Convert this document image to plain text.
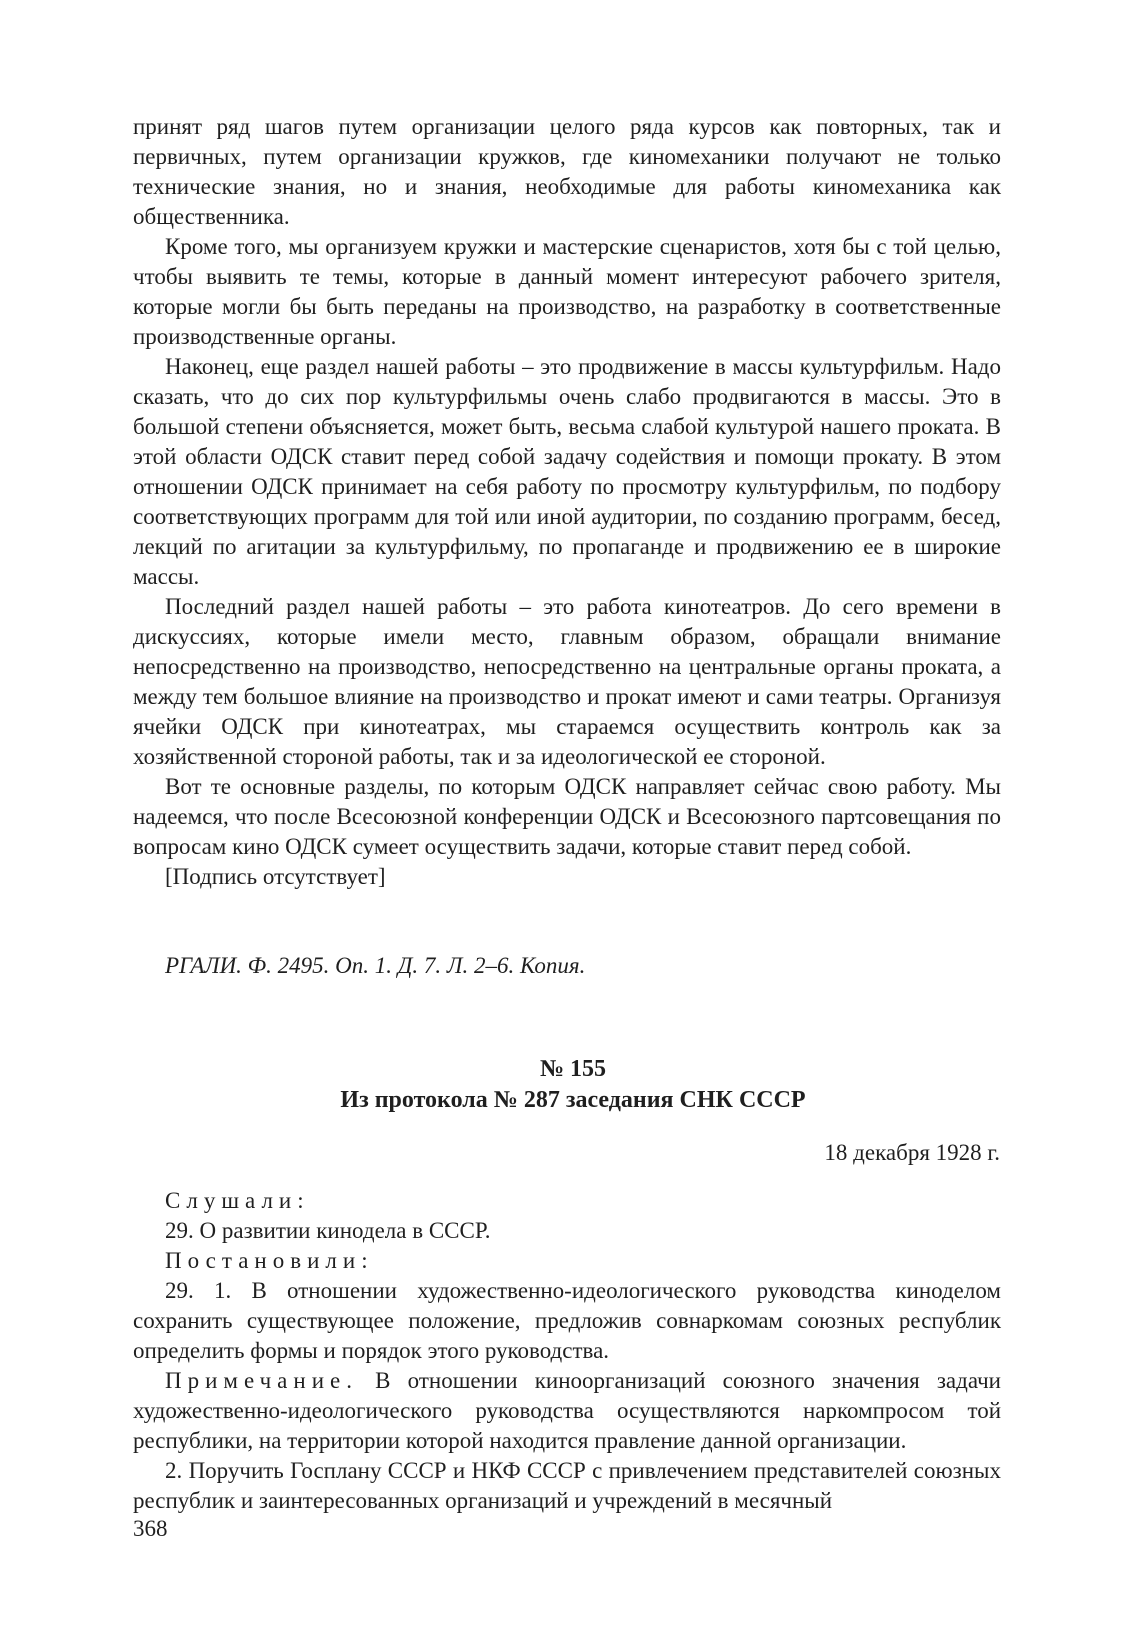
принят ряд шагов путем организации целого ряда курсов как повторных, так и первичных, путем организации кружков, где киномеханики получают не только технические знания, но и знания, необходимые для работы киномеханика как общественника.

Кроме того, мы организуем кружки и мастерские сценаристов, хотя бы с той целью, чтобы выявить те темы, которые в данный момент интересуют рабочего зрителя, которые могли бы быть переданы на производство, на разработку в соответственные производственные органы.

Наконец, еще раздел нашей работы – это продвижение в массы культурфильм. Надо сказать, что до сих пор культурфильмы очень слабо продвигаются в массы. Это в большой степени объясняется, может быть, весьма слабой культурой нашего проката. В этой области ОДСК ставит перед собой задачу содействия и помощи прокату. В этом отношении ОДСК принимает на себя работу по просмотру культурфильм, по подбору соответствующих программ для той или иной аудитории, по созданию программ, бесед, лекций по агитации за культурфильму, по пропаганде и продвижению ее в широкие массы.

Последний раздел нашей работы – это работа кинотеатров. До сего времени в дискуссиях, которые имели место, главным образом, обращали внимание непосредственно на производство, непосредственно на центральные органы проката, а между тем большое влияние на производство и прокат имеют и сами театры. Организуя ячейки ОДСК при кинотеатрах, мы стараемся осуществить контроль как за хозяйственной стороной работы, так и за идеологической ее стороной.

Вот те основные разделы, по которым ОДСК направляет сейчас свою работу. Мы надеемся, что после Всесоюзной конференции ОДСК и Всесоюзного партсовещания по вопросам кино ОДСК сумеет осуществить задачи, которые ставит перед собой.

[Подпись отсутствует]

РГАЛИ. Ф. 2495. Оп. 1. Д. 7. Л. 2–6. Копия.
№ 155
Из протокола № 287 заседания СНК СССР
18 декабря 1928 г.

Слушали:

29. О развитии киноделa в СССР.

Постановили:

29. 1. В отношении художественно-идеологического руководства киноделом сохранить существующее положение, предложив совнаркомам союзных республик определить формы и порядок этого руководства.

Примечание. В отношении киноорганизаций союзного значения задачи художественно-идеологического руководства осуществляются наркомпросом той республики, на территории которой находится правление данной организации.

2. Поручить Госплану СССР и НКФ СССР с привлечением представителей союзных республик и заинтересованных организаций и учреждений в месячный

368
